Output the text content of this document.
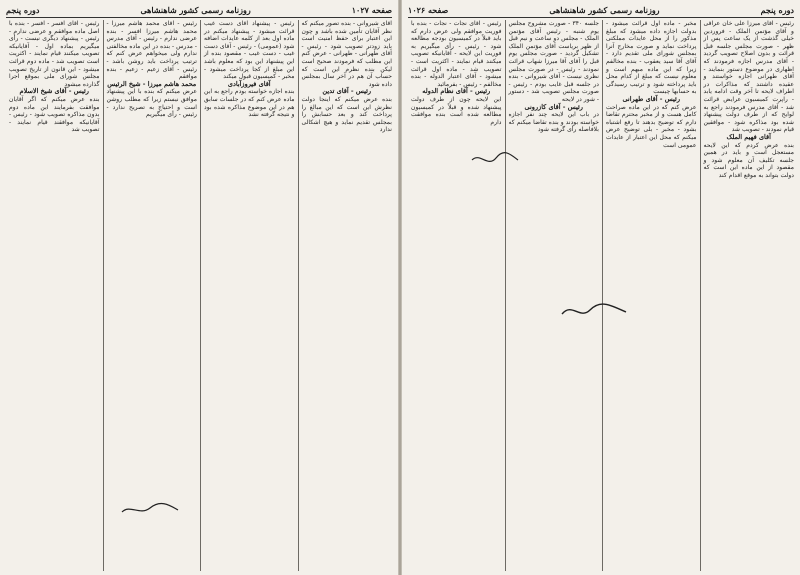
صفحه ۱۰۲۷
روزنامه رسمی کشور شاهنشاهی
دوره پنجم

آقای شیروانی - بنده تصور میکنم که نظر آقایان تأمین شده باشد و چون این اعتبار برای حفظ امنیت است باید زودتر تصویب شود - رئیس - آقای طهرانی - طهرانی - عرض کنم این مطلب که فرمودند صحیح است لیکن بنده نظرم این است که حساب آن هم در آخر سال بمجلس داده شود

رئیس - آقای تدین

بنده عرض میکنم که اینجا دولت نظرش این است که این مبالغ را پرداخت کند و بعد حسابش را بمجلس تقدیم نماید و هیچ اشکالی ندارد

رئیس - پیشنهاد آقای دست غیب قرائت میشود - پیشنهاد میکنم در ماده اول بعد از کلمه عایدات اضافه شود (عمومی) - رئیس - آقای دست غیب - دست غیب - مقصود بنده از این پیشنهاد این بود که معلوم باشد این مبلغ از کجا پرداخت میشود - مخبر - کمیسیون قبول میکند

آقای فیروزآبادی

بنده اجازه خواسته بودم راجع به این ماده عرض کنم که در جلسات سابق هم در این موضوع مذاکره شده بود و نتیجه گرفته نشد

رئیس - آقای محمد هاشم میرزا - محمد هاشم میرزا افسر - بنده عرضی ندارم - رئیس - آقای مدرس - مدرس - بنده در این ماده مخالفتی ندارم ولی میخواهم عرض کنم که ترتیب پرداخت باید روشن باشد - رئیس - آقای زعیم - زعیم - بنده موافقم

محمد هاشم میرزا - شیخ الرئیس

عرض میکنم که بنده با این پیشنهاد موافق نیستم زیرا که مطلب روشن است و احتیاج به تصریح ندارد - رئیس - رأی میگیریم

رئیس - آقای افسر - افسر - بنده با اصل ماده موافقم و عرضی ندارم - رئیس - پیشنهاد دیگری نیست - رأی میگیریم بماده اول - آقایانیکه تصویب میکنند قیام نمایند - اکثریت است تصویب شد - ماده دوم قرائت میشود - این قانون از تاریخ تصویب مجلس شورای ملی بموقع اجرا گذارده میشود

رئیس - آقای شیخ الاسلام

بنده عرض میکنم که اگر آقایان موافقت بفرمایند این ماده دوم بدون مذاکره تصویب شود - رئیس - آقایانیکه موافقند قیام نمایند - تصویب شد

دوره پنجم
روزنامه رسمی کشور شاهنشاهی
صفحه ۱۰۲۶

رئیس - آقای میرزا علی خان عراقی و آقای مؤتمن الملک - فروردین خیلی گذشت از یک ساعت پس از ظهر - صورت مجلس جلسه قبل قرائت و بدون اصلاح تصویب گردید - آقای مدرس اجازه فرمودند که اظهاری در موضوع دستور بنمایند - آقای طهرانی اجازه خواستند و عقیده داشتند که مذاکرات در اطراف لایحه تا آخر وقت ادامه یابد - راپرت کمیسیون عرایض قرائت شد - آقای مدرس فرمودند راجع به لوایح که از طرف دولت پیشنهاد شده بود مذاکره شود - موافقین قیام نمودند - تصویب شد

آقای فهیم الملک

بنده عرض کردم که این لایحه مستعجل است و باید در همین جلسه تکلیف آن معلوم شود و مقصود از این ماده این است که دولت بتواند به موقع اقدام کند

مخبر - ماده اول قرائت میشود - بدولت اجازه داده میشود که مبلغ مذکور را از محل عایدات مملکتی پرداخت نماید و صورت مخارج آنرا بمجلس شورای ملی تقدیم دارد - آقای آقا سید یعقوب - بنده مخالفم زیرا که این ماده مبهم است و معلوم نیست که مبلغ از کدام محل باید پرداخته شود و ترتیب رسیدگی به حسابها چیست

رئیس - آقای طهرانی

عرض کنم که در این ماده صراحت کامل هست و از مخبر محترم تقاضا دارم که توضیح بدهند تا رفع اشتباه بشود - مخبر - بلی توضیح عرض میکنم که محل این اعتبار از عایدات عمومی است

جلسه ۳۴۰ - صورت مشروح مجلس یوم شنبه - رئیس آقای مؤتمن الملک - مجلس دو ساعت و نیم قبل از ظهر بریاست آقای مؤتمن الملک تشکیل گردید - صورت مجلس یوم قبل را آقای آقا میرزا شهاب قرائت نمودند - رئیس - در صورت مجلس نظری نیست - آقای شیروانی - بنده در جلسه قبل غایب بودم - رئیس - صورت مجلس تصویب شد - دستور - شور در لایحه

رئیس - آقای کازرونی

در باب این لایحه چند نفر اجازه خواسته بودند و بنده تقاضا میکنم که بلافاصله رأی گرفته شود

رئیس - آقای نجات - نجات - بنده با فوریت موافقم ولی عرض دارم که باید قبلاً در کمیسیون بودجه مطالعه شود - رئیس - رأی میگیریم به فوریت این لایحه - آقایانیکه تصویب میکنند قیام نمایند - اکثریت است - تصویب شد - ماده اول قرائت میشود - آقای اعتبار الدوله - بنده مخالفم - رئیس - بفرمائید

رئیس - آقای نظام الدوله

این لایحه چون از طرف دولت پیشنهاد شده و قبلاً در کمیسیون مطالعه شده است بنده موافقت دارم
